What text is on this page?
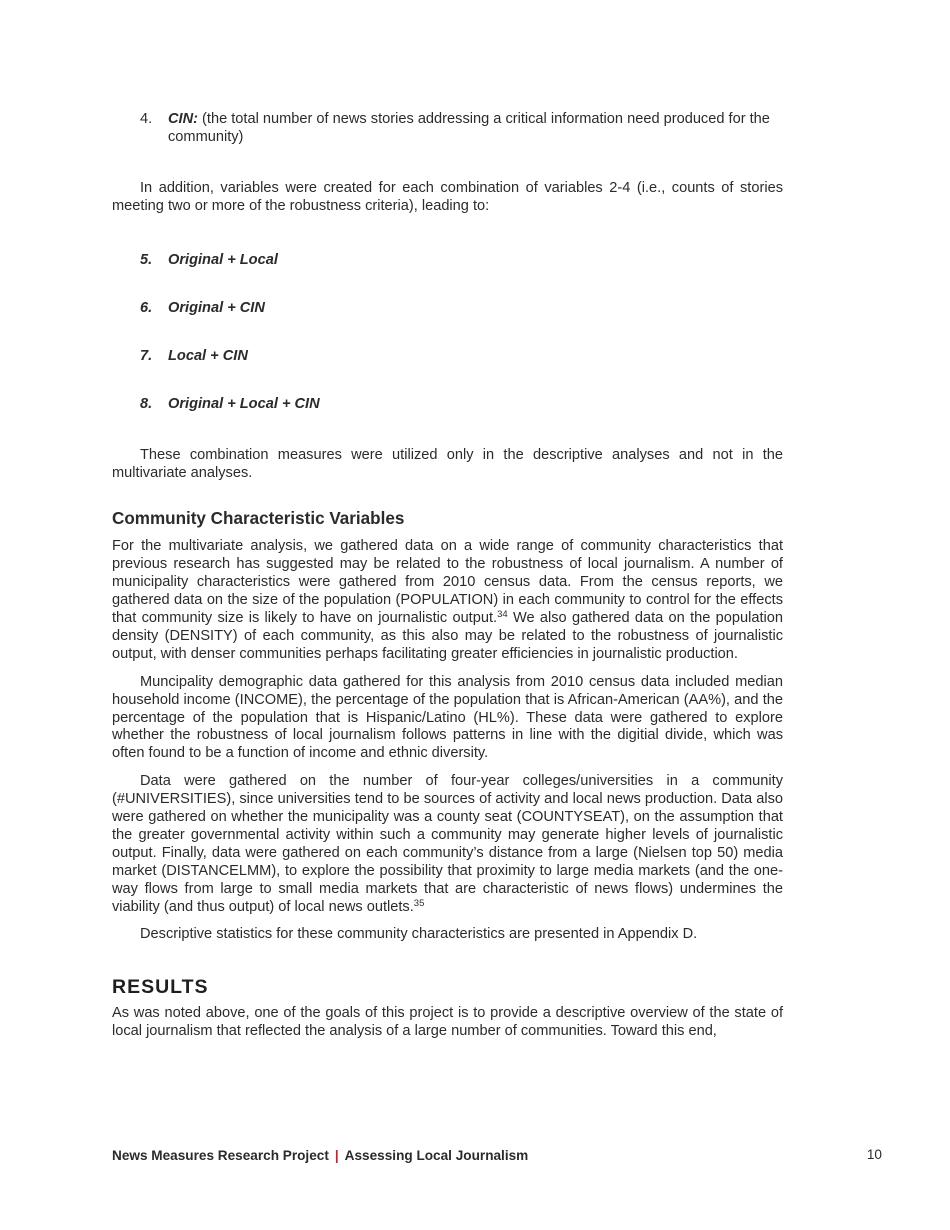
4. CIN: (the total number of news stories addressing a critical information need produced for the community)

In addition, variables were created for each combination of variables 2-4 (i.e., counts of stories meeting two or more of the robustness criteria), leading to:

5. Original + Local
6. Original + CIN
7. Local + CIN
8. Original + Local + CIN

These combination measures were utilized only in the descriptive analyses and not in the multivariate analyses.

Community Characteristic Variables

For the multivariate analysis, we gathered data on a wide range of community characteristics that previous research has suggested may be related to the robustness of local journalism. A number of municipality characteristics were gathered from 2010 census data. From the census reports, we gathered data on the size of the population (POPULATION) in each community to control for the effects that community size is likely to have on journalistic output.$^{34}$ We also gathered data on the population density (DENSITY) of each community, as this also may be related to the robustness of journalistic output, with denser communities perhaps facilitating greater efficiencies in journalistic production.

Muncipality demographic data gathered for this analysis from 2010 census data included median household income (INCOME), the percentage of the population that is African-American (AA%), and the percentage of the population that is Hispanic/Latino (HL%). These data were gathered to explore whether the robustness of local journalism follows patterns in line with the digitial divide, which was often found to be a function of income and ethnic diversity.

Data were gathered on the number of four-year colleges/universities in a community (#UNIVERSITIES), since universities tend to be sources of activity and local news production. Data also were gathered on whether the municipality was a county seat (COUNTYSEAT), on the assumption that the greater governmental activity within such a community may generate higher levels of journalistic output. Finally, data were gathered on each community’s distance from a large (Nielsen top 50) media market (DISTANCELMM), to explore the possibility that proximity to large media markets (and the one-way flows from large to small media markets that are characteristic of news flows) undermines the viability (and thus output) of local news outlets.$^{35}$

Descriptive statistics for these community characteristics are presented in Appendix D.

RESULTS

As was noted above, one of the goals of this project is to provide a descriptive overview of the state of local journalism that reflected the analysis of a large number of communities. Toward this end,

News Measures Research Project | Assessing Local Journalism	10
